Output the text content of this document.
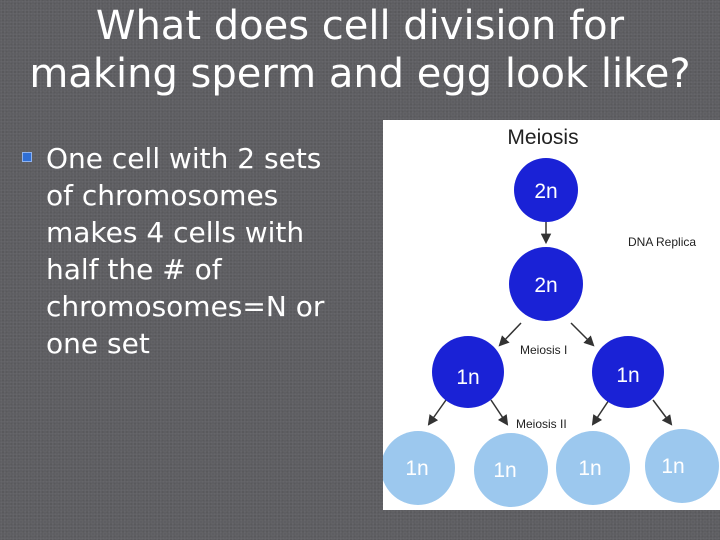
What does cell division for
making sperm and egg look like?
One cell with 2 sets
of chromosomes
makes 4 cells with
half the # of
chromosomes=N or
one set
Meiosis
DNA Replica
Meiosis I
Meiosis II
2n
2n
1n	1n
1n	1n	1n	1n
